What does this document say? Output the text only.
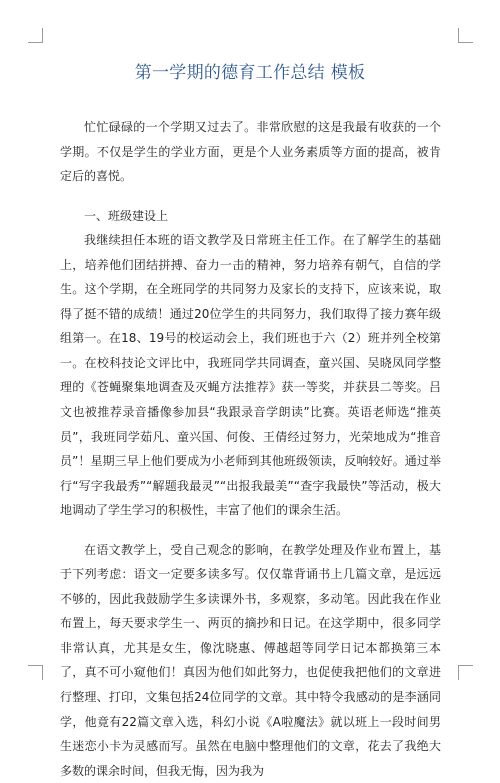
第一学期的德育工作总结 模板

忙忙碌碌的一个学期又过去了。非常欣慰的这是我最有收获的一个学期。不仅是学生的学业方面，更是个人业务素质等方面的提高，被肯定后的喜悦。

一、班级建设上

我继续担任本班的语文教学及日常班主任工作。在了解学生的基础上，培养他们团结拼搏、奋力一击的精神，努力培养有朝气，自信的学生。这个学期，在全班同学的共同努力及家长的支持下，应该来说，取得了挺不错的成绩！通过20位学生的共同努力，我们取得了接力赛年级组第一。在18、19号的校运动会上，我们班也于六（2）班并列全校第一。在校科技论文评比中，我班同学共同调查，童兴国、吴晓凤同学整理的《苍蝇聚集地调查及灭蝇方法推荐》获一等奖，并获县二等奖。吕文也被推荐录音播像参加县“我跟录音学朗读”比赛。英语老师选“推英员”，我班同学茹凡、童兴国、何俊、王倩经过努力，光荣地成为“推音员”！星期三早上他们要成为小老师到其他班级领读，反响较好。通过举行“写字我最秀”“解题我最灵”“出报我最美”“查字我最快”等活动，极大地调动了学生学习的积极性，丰富了他们的课余生活。

在语文教学上，受自己观念的影响，在教学处理及作业布置上，基于下列考虑：语文一定要多读多写。仅仅靠背诵书上几篇文章，是远远不够的，因此我鼓励学生多读课外书，多观察，多动笔。因此我在作业布置上，每天要求学生一、两页的摘抄和日记。在这学期中，很多同学非常认真，尤其是女生，像沈晓惠、傅越超等同学日记本都换第三本了，真不可小窥他们！真因为他们如此努力，也促使我把他们的文章进行整理、打印，文集包括24位同学的文章。其中特令我感动的是李涵同学，他竟有22篇文章入选，科幻小说《A啦魔法》就以班上一段时间男生迷恋小卡为灵感而写。虽然在电脑中整理他们的文章，花去了我绝大多数的课余时间，但我无悔，因为我为
